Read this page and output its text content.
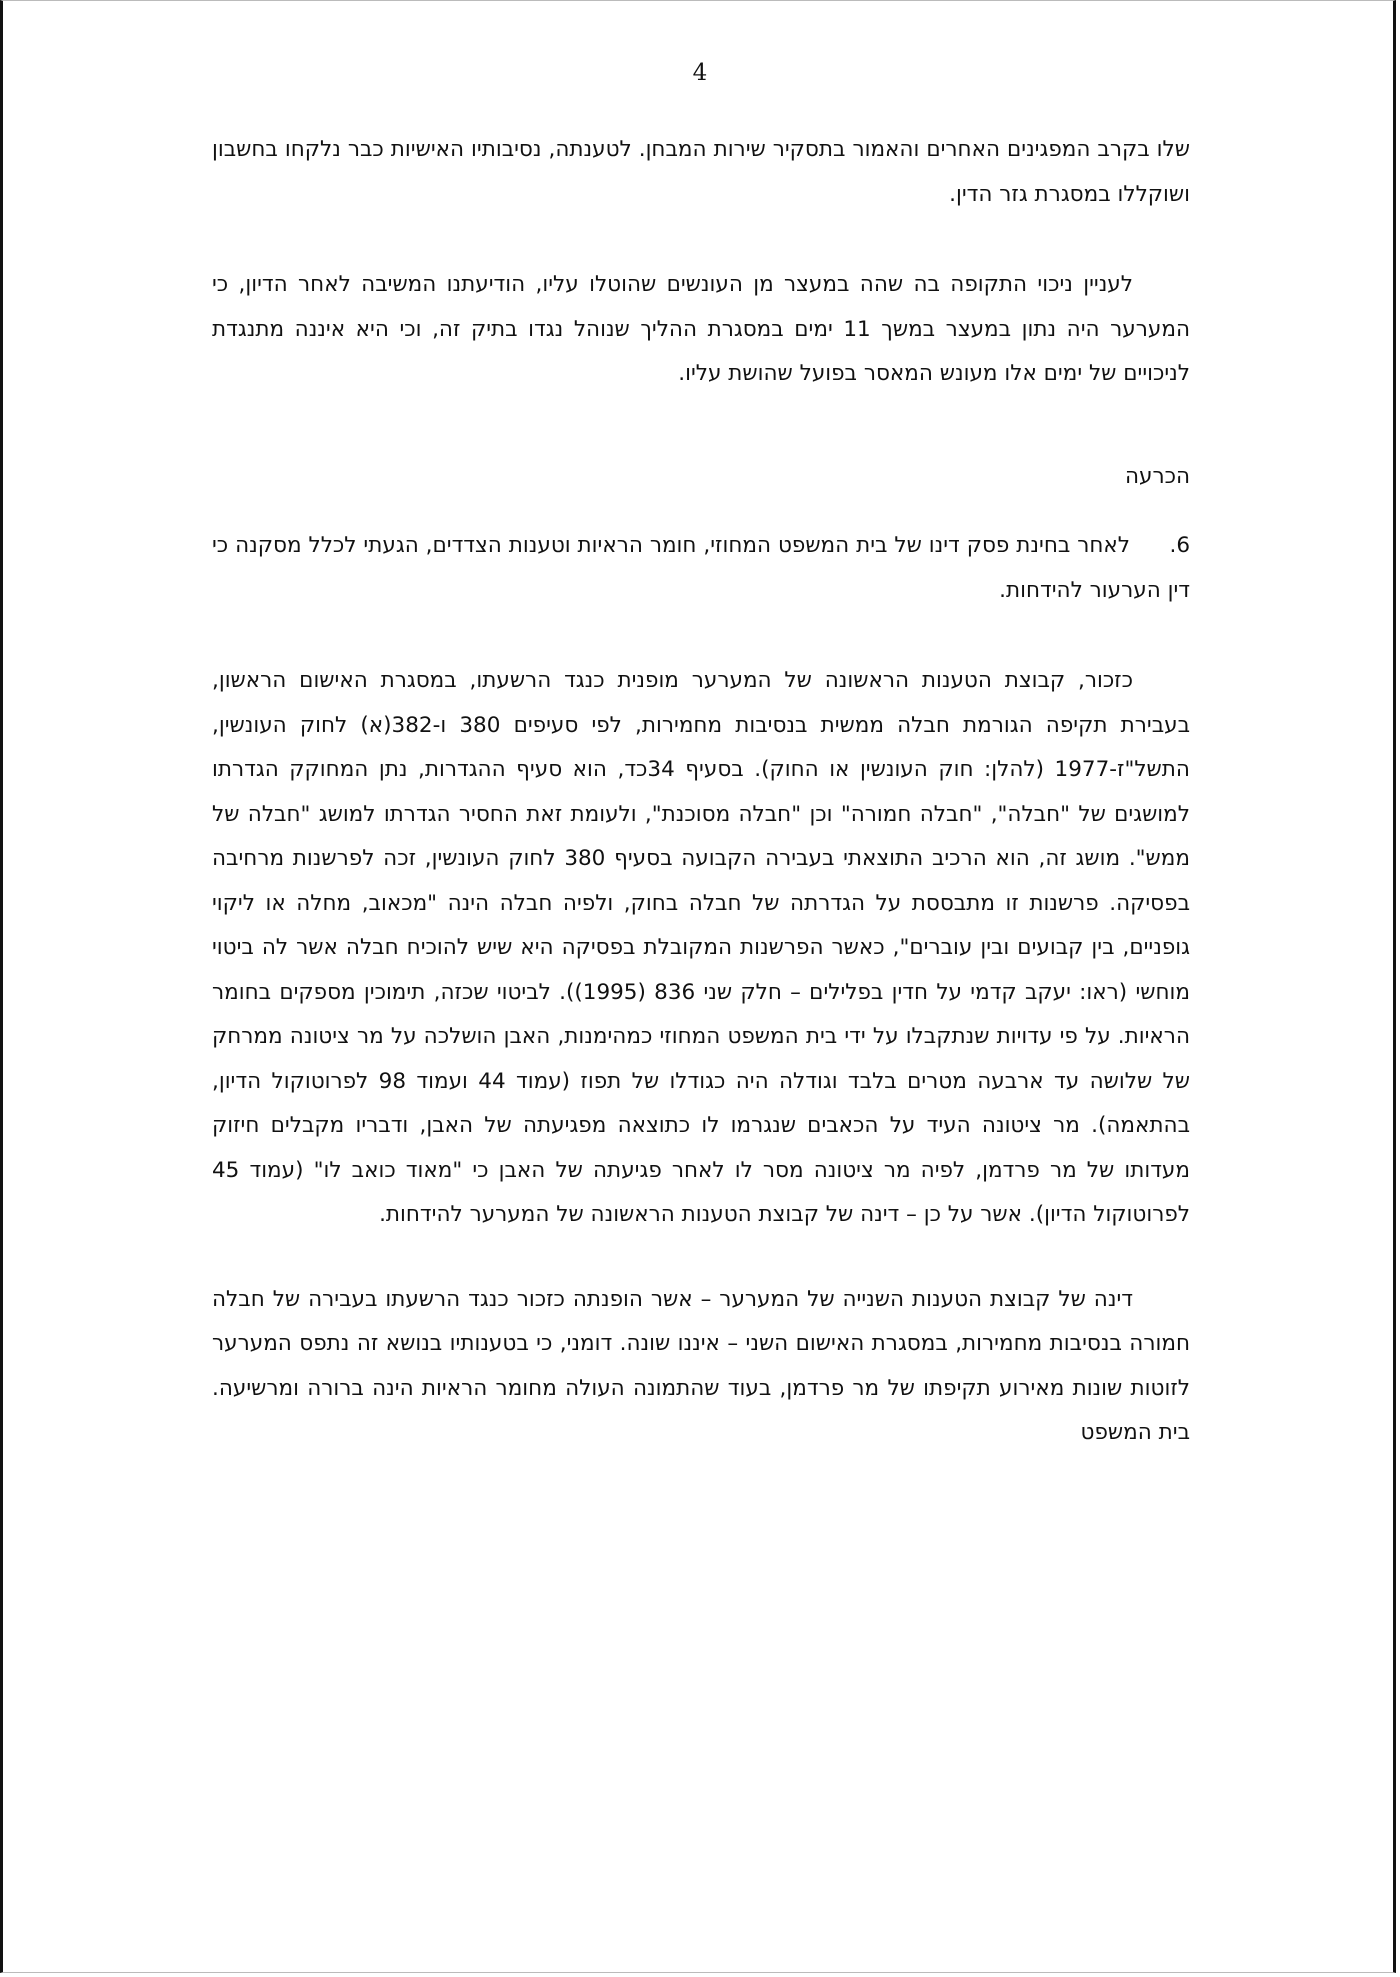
4

שלו בקרב המפגינים האחרים והאמור בתסקיר שירות המבחן. לטענתה, נסיבותיו האישיות כבר נלקחו בחשבון ושוקללו במסגרת גזר הדין.

לעניין ניכוי התקופה בה שהה במעצר מן העונשים שהוטלו עליו, הודיעתנו המשיבה לאחר הדיון, כי המערער היה נתון במעצר במשך 11 ימים במסגרת ההליך שנוהל נגדו בתיק זה, וכי היא איננה מתנגדת לניכויים של ימים אלו מעונש המאסר בפועל שהושת עליו.

הכרעה

6.לאחר בחינת פסק דינו של בית המשפט המחוזי, חומר הראיות וטענות הצדדים, הגעתי לכלל מסקנה כי דין הערעור להידחות.

כזכור, קבוצת הטענות הראשונה של המערער מופנית כנגד הרשעתו, במסגרת האישום הראשון, בעבירת תקיפה הגורמת חבלה ממשית בנסיבות מחמירות, לפי סעיפים 380 ו-382(א) לחוק העונשין, התשל"ז-1977 (להלן: חוק העונשין או החוק). בסעיף 34כד, הוא סעיף ההגדרות, נתן המחוקק הגדרתו למושגים של "חבלה", "חבלה חמורה" וכן "חבלה מסוכנת", ולעומת זאת החסיר הגדרתו למושג "חבלה של ממש". מושג זה, הוא הרכיב התוצאתי בעבירה הקבועה בסעיף 380 לחוק העונשין, זכה לפרשנות מרחיבה בפסיקה. פרשנות זו מתבססת על הגדרתה של חבלה בחוק, ולפיה חבלה הינה "מכאוב, מחלה או ליקוי גופניים, בין קבועים ובין עוברים", כאשר הפרשנות המקובלת בפסיקה היא שיש להוכיח חבלה אשר לה ביטוי מוחשי (ראו: יעקב קדמי על חדין בפלילים – חלק שני 836 (1995)). לביטוי שכזה, תימוכין מספקים בחומר הראיות. על פי עדויות שנתקבלו על ידי בית המשפט המחוזי כמהימנות, האבן הושלכה על מר ציטונה ממרחק של שלושה עד ארבעה מטרים בלבד וגודלה היה כגודלו של תפוז (עמוד 44 ועמוד 98 לפרוטוקול הדיון, בהתאמה). מר ציטונה העיד על הכאבים שנגרמו לו כתוצאה מפגיעתה של האבן, ודבריו מקבלים חיזוק מעדותו של מר פרדמן, לפיה מר ציטונה מסר לו לאחר פגיעתה של האבן כי "מאוד כואב לו" (עמוד 45 לפרוטוקול הדיון). אשר על כן – דינה של קבוצת הטענות הראשונה של המערער להידחות.

דינה של קבוצת הטענות השנייה של המערער – אשר הופנתה כזכור כנגד הרשעתו בעבירה של חבלה חמורה בנסיבות מחמירות, במסגרת האישום השני – איננו שונה. דומני, כי בטענותיו בנושא זה נתפס המערער לזוטות שונות מאירוע תקיפתו של מר פרדמן, בעוד שהתמונה העולה מחומר הראיות הינה ברורה ומרשיעה. בית המשפט
